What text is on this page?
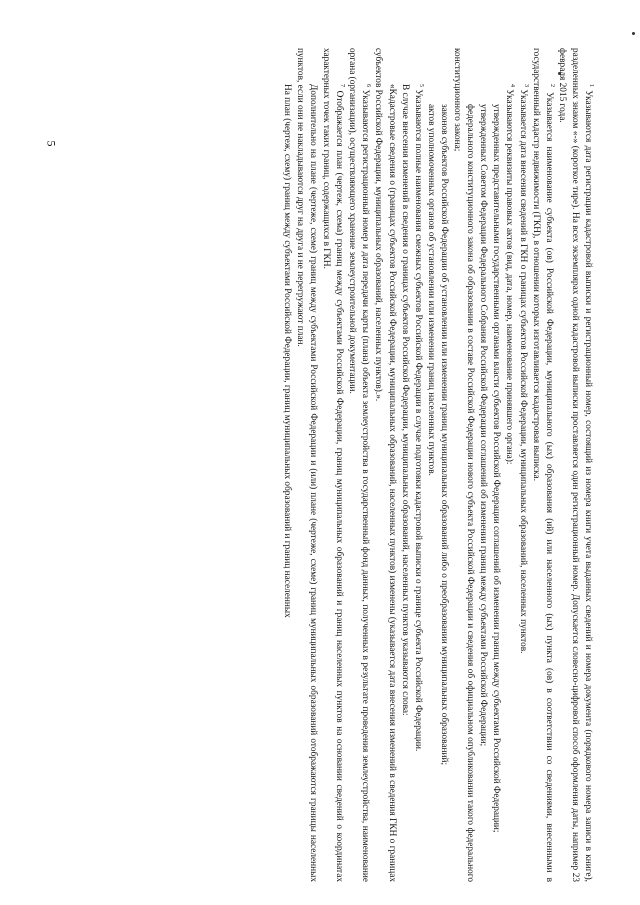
5

$^1$ Указываются дата регистрации кадастровой выписки и регистрационный номер, состоящий из номера книги учета выданных сведений и номера документа (порядкового номера записи в книге), разделенных знаком «-» (короткое тире). На всех экземплярах одной кадастровой выписки проставляется один регистрационный номер. Допускается словесно-цифровой способ оформления даты, например 23 февраля 2015 года.

$^2$ Указывается наименование субъекта (ов) Российской Федерации, муниципального (ых) образования (ий) или населенного (ых) пункта (ов) в соответствии со сведениями, внесенными в государственный кадастр недвижимости (ГКН), в отношении которых изготавливается кадастровая выписка.

$^3$ Указывается дата внесения сведений в ГКН о границах субъектов Российской Федерации, муниципальных образований, населенных пунктов.

$^4$ Указываются реквизиты правовых актов (вид, дата, номер, наименование принявшего органа):

утвержденных представительными государственными органами власти субъектов Российской Федерации соглашений об изменении границ между субъектами Российской Федерации;

утвержденных Советом Федерации Федерального Собрания Российской Федерации соглашений об изменении границ между субъектами Российской Федерации;

федерального конституционного закона об образовании в составе Российской Федерации нового субъекта Российской Федерации и сведения об официальном опубликовании такого федерального конституционного закона;

законов субъектов Российской Федерации об установлении или изменении границ муниципальных образований либо о преобразовании муниципальных образований;

актов уполномоченных органов об установлении или изменении границ населенных пунктов.

$^5$ Указываются полные наименования смежных субъектов Российской Федерации в случае подготовки кадастровой выписки о границе субъекта Российской Федерации.

В случае внесения изменений в сведения о границах субъектов Российской Федерации, муниципальных образований, населенных пунктов указываются слова:

«Кадастровые сведения о (границах субъектов Российской Федерации, муниципальных образований, населенных пунктов) изменены (указывается дата внесения изменений в сведения ГКН о границах субъектов Российской Федерации, муниципальных образований, населенных пунктов).».

$^6$ Указываются регистрационный номер и дата передачи карты (плана) объекта землеустройства в государственный фонд данных, полученных в результате проведения землеустройства, наименование органа (организации), осуществляющего хранение землеустроительной документации.

$^7$ Отображается план (чертеж, схема) границ между субъектами Российской Федерации, границ муниципальных образований и границ населенных пунктов на основании сведений о координатах характерных точек таких границ, содержащихся в ГКН.

Дополнительно на плане (чертеже, схеме) границ между субъектами Российской Федерации и (или) плане (чертеже, схеме) границ муниципальных образований отображаются границы населенных пунктов, если они не накладываются друг на друга и не перегружают план.

На план (чертеж, схему) границ между субъектами Российской Федерации, границ муниципальных образований и границ населенных
